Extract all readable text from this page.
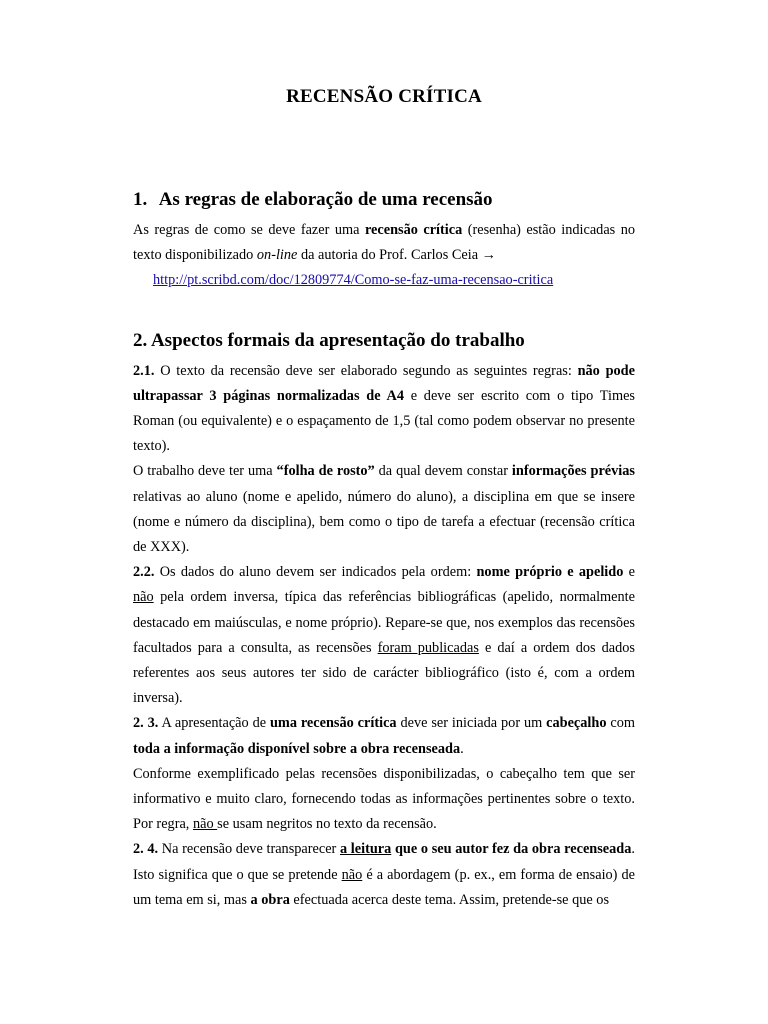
RECENSÃO CRÍTICA
1. As regras de elaboração de uma recensão

As regras de como se deve fazer uma recensão crítica (resenha) estão indicadas no texto disponibilizado on-line da autoria do Prof. Carlos Ceia →

http://pt.scribd.com/doc/12809774/Como-se-faz-uma-recensao-critica
2. Aspectos formais da apresentação do trabalho

2.1. O texto da recensão deve ser elaborado segundo as seguintes regras: não pode ultrapassar 3 páginas normalizadas de A4 e deve ser escrito com o tipo Times Roman (ou equivalente) e o espaçamento de 1,5 (tal como podem observar no presente texto).

O trabalho deve ter uma “folha de rosto” da qual devem constar informações prévias relativas ao aluno (nome e apelido, número do aluno), a disciplina em que se insere (nome e número da disciplina), bem como o tipo de tarefa a efectuar (recensão crítica de XXX).

2.2. Os dados do aluno devem ser indicados pela ordem: nome próprio e apelido e não pela ordem inversa, típica das referências bibliográficas (apelido, normalmente destacado em maiúsculas, e nome próprio). Repare-se que, nos exemplos das recensões facultados para a consulta, as recensões foram publicadas e daí a ordem dos dados referentes aos seus autores ter sido de carácter bibliográfico (isto é, com a ordem inversa).

2. 3. A apresentação de uma recensão crítica deve ser iniciada por um cabeçalho com toda a informação disponível sobre a obra recenseada.

Conforme exemplificado pelas recensões disponibilizadas, o cabeçalho tem que ser informativo e muito claro, fornecendo todas as informações pertinentes sobre o texto. Por regra, não se usam negritos no texto da recensão.

2. 4. Na recensão deve transparecer a leitura que o seu autor fez da obra recenseada. Isto significa que o que se pretende não é a abordagem (p. ex., em forma de ensaio) de um tema em si, mas a obra efectuada acerca deste tema. Assim, pretende-se que os
